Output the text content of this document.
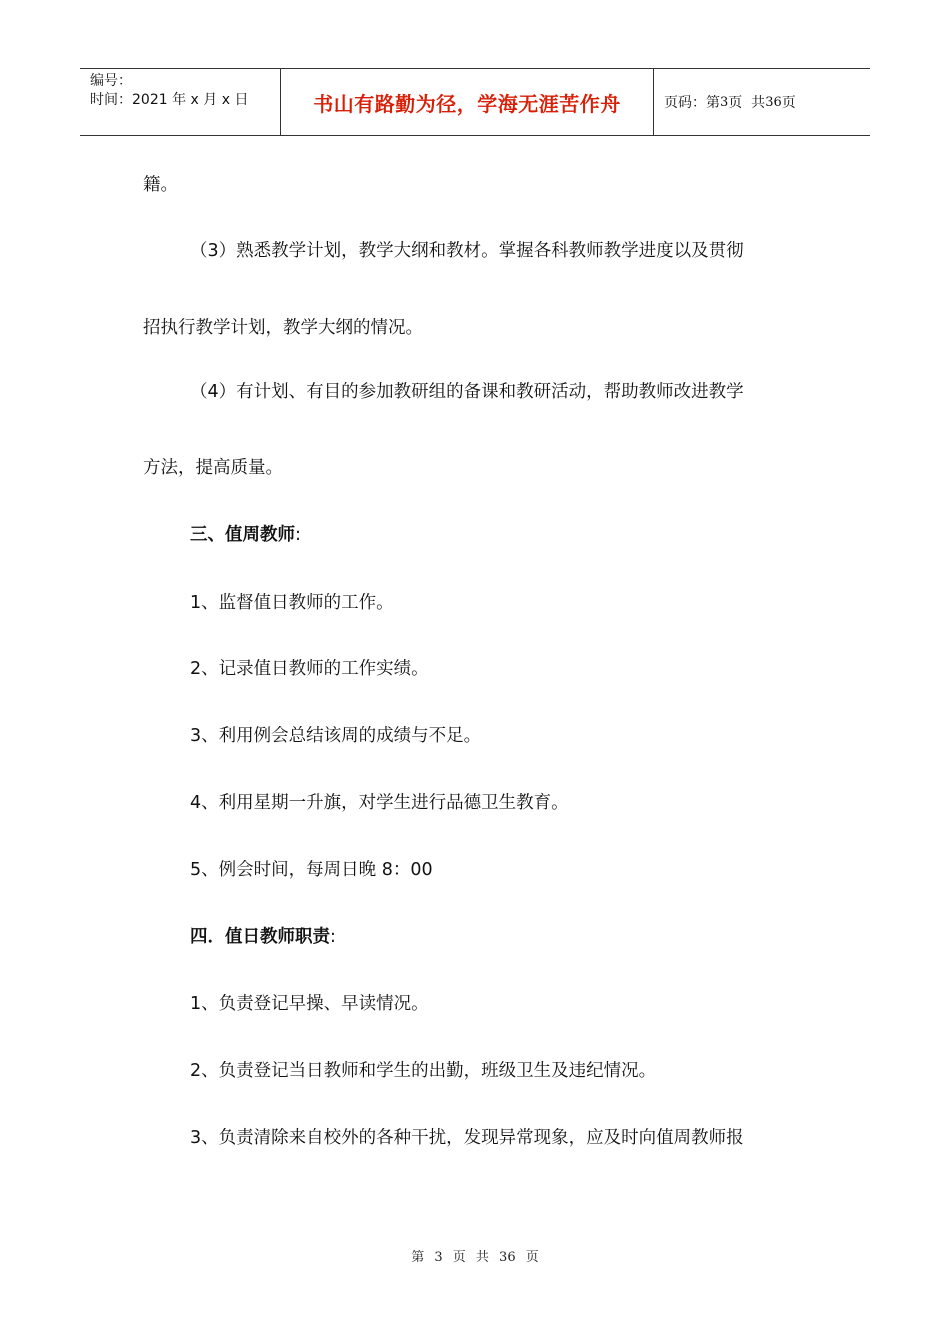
编号：
时间：2021 年 x 月 x 日	书山有路勤为径，学海无涯苦作舟	页码：第 3 页  共 36 页
籍。
（3）熟悉教学计划，教学大纲和教材。掌握各科教师教学进度以及贯彻
招执行教学计划，教学大纲的情况。
（4）有计划、有目的参加教研组的备课和教研活动，帮助教师改进教学
方法，提高质量。
三、值周教师:
1、监督值日教师的工作。
2、记录值日教师的工作实绩。
3、利用例会总结该周的成绩与不足。
4、利用星期一升旗，对学生进行品德卫生教育。
5、例会时间，每周日晚 8：00
四．值日教师职责:
1、负责登记早操、早读情况。
2、负责登记当日教师和学生的出勤，班级卫生及违纪情况。
3、负责清除来自校外的各种干扰，发现异常现象，应及时向值周教师报
第 3 页 共 36 页
